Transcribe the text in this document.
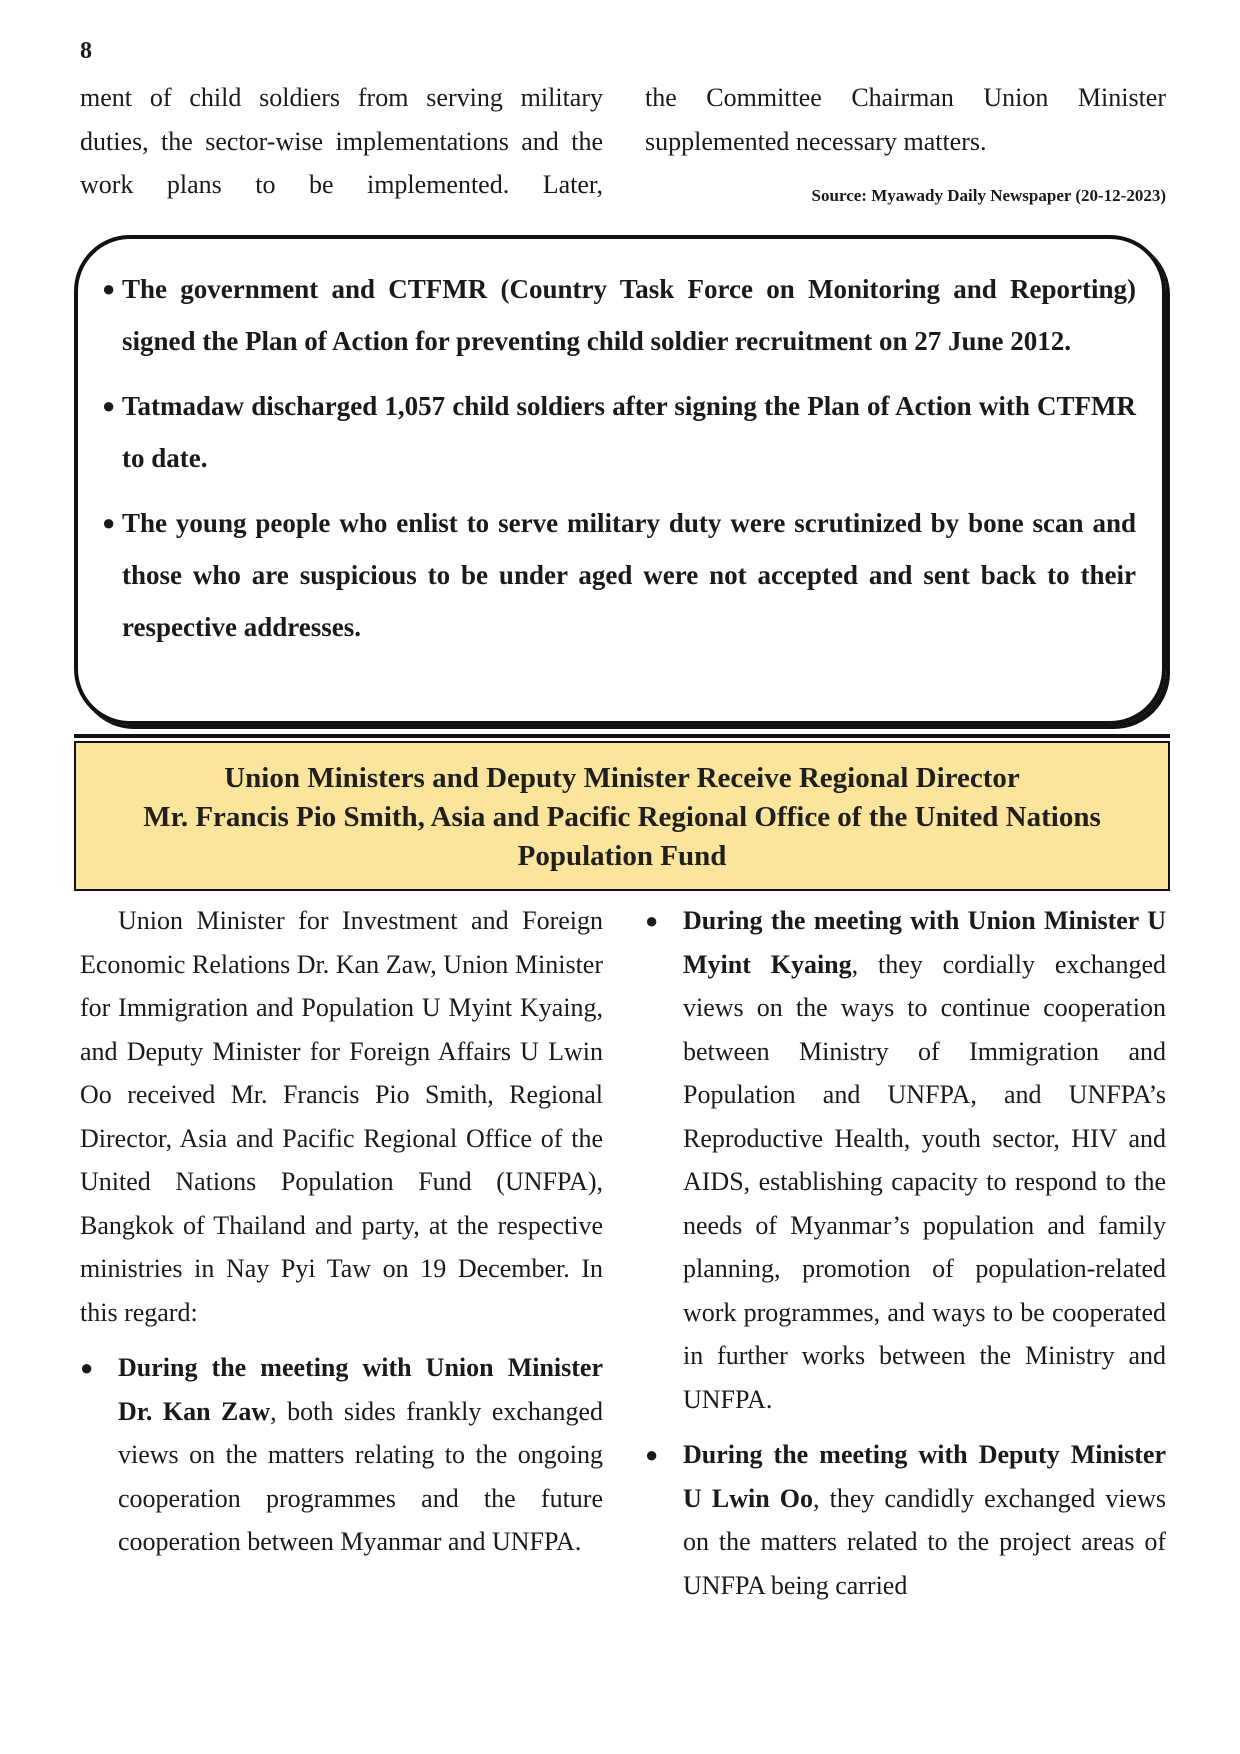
8

ment of child soldiers from serving military duties, the sector-wise implementations and the work plans to be implemented. Later,

the Committee Chairman Union Minister supplemented necessary matters.

Source: Myawady Daily Newspaper (20-12-2023)
● The government and CTFMR (Country Task Force on Monitoring and Reporting) signed the Plan of Action for preventing child soldier recruitment on 27 June 2012.
● Tatmadaw discharged 1,057 child soldiers after signing the Plan of Action with CTFMR to date.
● The young people who enlist to serve military duty were scrutinized by bone scan and those who are suspicious to be under aged were not accepted and sent back to their respective addresses.
Union Ministers and Deputy Minister Receive Regional Director
Mr. Francis Pio Smith, Asia and Pacific Regional Office of the United Nations
Population Fund

Union Minister for Investment and Foreign Economic Relations Dr. Kan Zaw, Union Minister for Immigration and Population U Myint Kyaing, and Deputy Minister for Foreign Affairs U Lwin Oo received Mr. Francis Pio Smith, Regional Director, Asia and Pacific Regional Office of the United Nations Population Fund (UNFPA), Bangkok of Thailand and party, at the respective ministries in Nay Pyi Taw on 19 December. In this regard:

● During the meeting with Union Minister Dr. Kan Zaw, both sides frankly exchanged views on the matters relating to the ongoing cooperation programmes and the future cooperation between Myanmar and UNFPA.
● During the meeting with Union Minister U Myint Kyaing, they cordially exchanged views on the ways to continue cooperation between Ministry of Immigration and Population and UNFPA, and UNFPA’s Reproductive Health, youth sector, HIV and AIDS, establishing capacity to respond to the needs of Myanmar’s population and family planning, promotion of population-related work programmes, and ways to be cooperated in further works between the Ministry and UNFPA.
● During the meeting with Deputy Minister U Lwin Oo, they candidly exchanged views on the matters related to the project areas of UNFPA being carried
